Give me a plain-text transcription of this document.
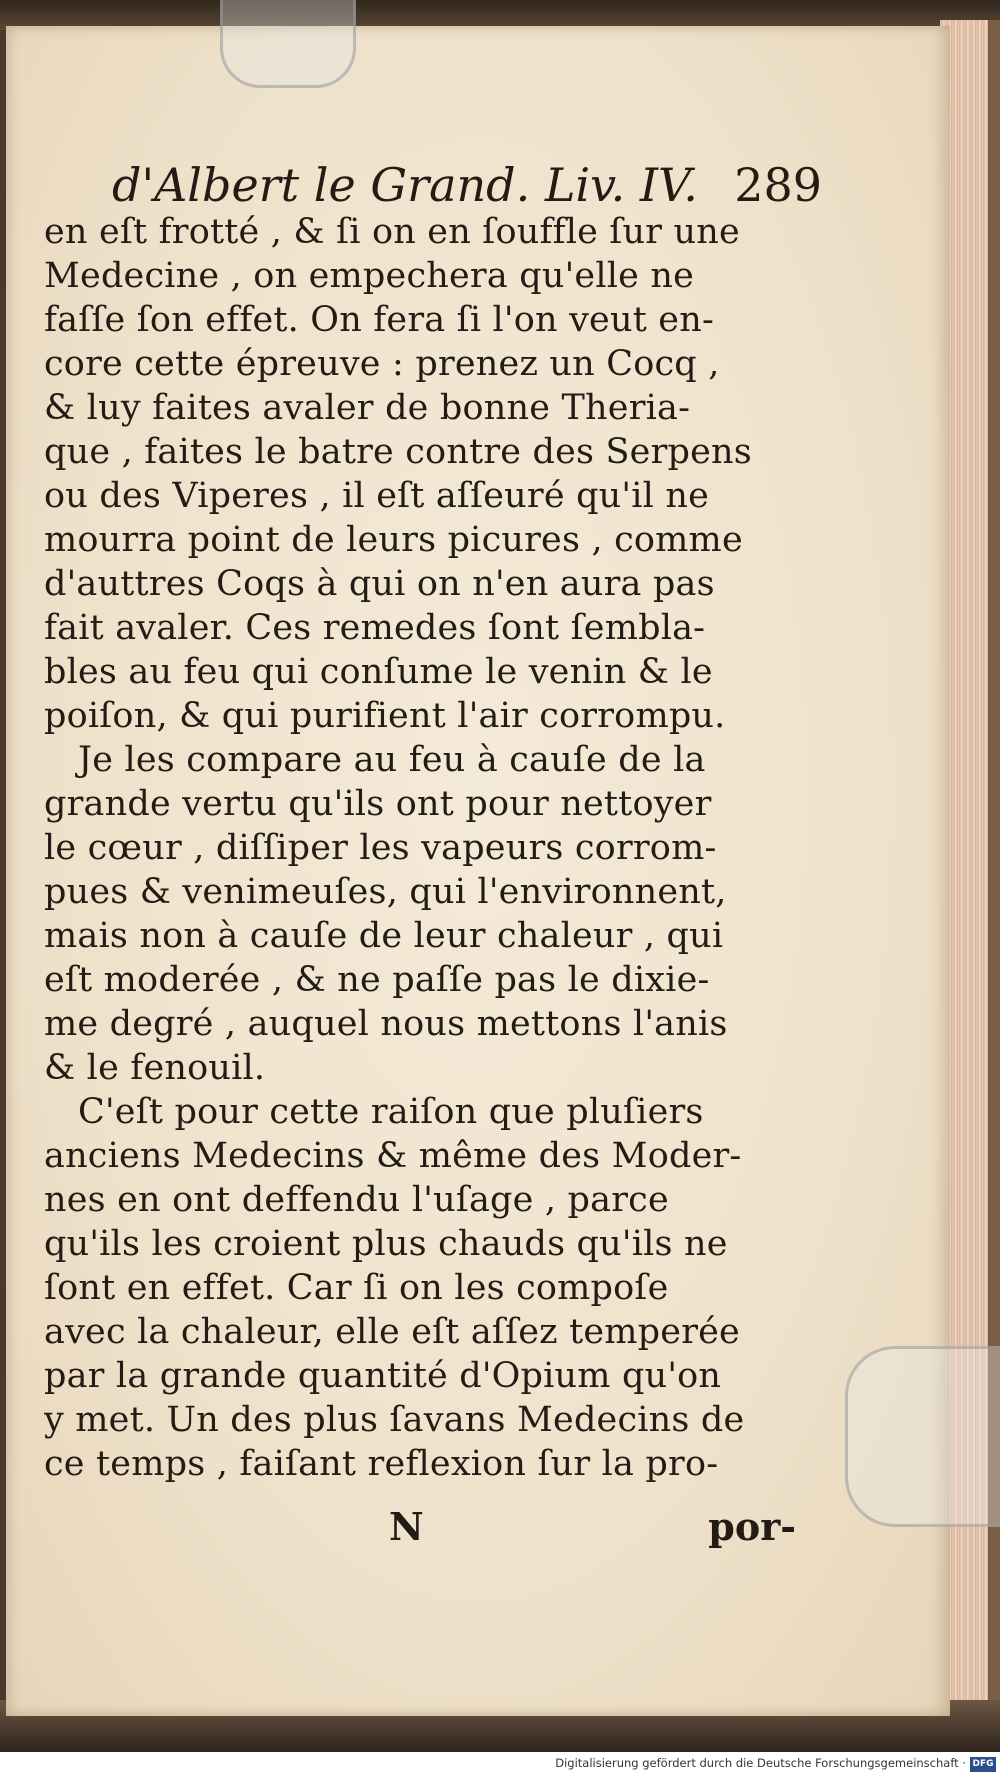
d'Albert le Grand. Liv. IV. 289
en eſt frotté , & ſi on en ſouffle ſur une
Medecine , on empechera qu'elle ne
faſſe ſon effet. On fera ſi l'on veut en-
core cette épreuve : prenez un Cocq ,
& luy faites avaler de bonne Theria-
que , faites le batre contre des Serpens
ou des Viperes , il eſt aſſeuré qu'il ne
mourra point de leurs picures , comme
d'auttres Coqs à qui on n'en aura pas
fait avaler. Ces remedes ſont ſembla-
bles au feu qui conſume le venin & le
poiſon, & qui purifient l'air corrompu.
Je les compare au feu à cauſe de la
grande vertu qu'ils ont pour nettoyer
le cœur , diſſiper les vapeurs corrom-
pues & venimeuſes, qui l'environnent,
mais non à cauſe de leur chaleur , qui
eſt moderée , & ne paſſe pas le dixie-
me degré , auquel nous mettons l'anis
& le fenouil.
C'eſt pour cette raiſon que pluſiers
anciens Medecins & même des Moder-
nes en ont deffendu l'uſage , parce
qu'ils les croient plus chauds qu'ils ne
ſont en effet. Car ſi on les compoſe
avec la chaleur, elle eſt aſſez temperée
par la grande quantité d'Opium qu'on
y met. Un des plus ſavans Medecins de
ce temps , faiſant reflexion ſur la pro-
N	por-
Digitalisierung gefördert durch die Deutsche Forschungsgemeinschaft · DFG
